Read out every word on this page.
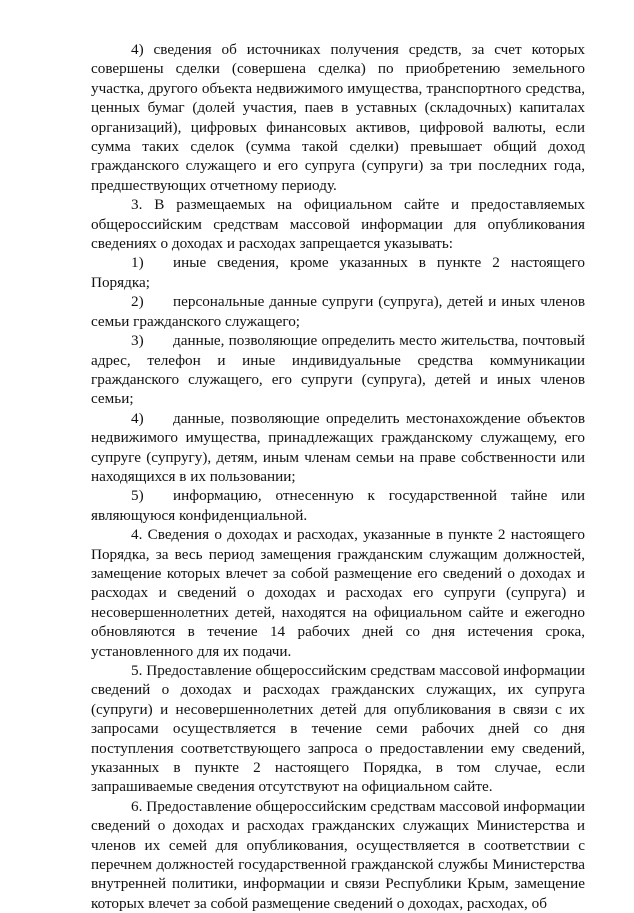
4) сведения об источниках получения средств, за счет которых совершены сделки (совершена сделка) по приобретению земельного участка, другого объекта недвижимого имущества, транспортного средства, ценных бумаг (долей участия, паев в уставных (складочных) капиталах организаций), цифровых финансовых активов, цифровой валюты, если сумма таких сделок (сумма такой сделки) превышает общий доход гражданского служащего и его супруга (супруги) за три последних года, предшествующих отчетному периоду.

3. В размещаемых на официальном сайте и предоставляемых общероссийским средствам массовой информации для опубликования сведениях о доходах и расходах запрещается указывать:

1) иные сведения, кроме указанных в пункте 2 настоящего Порядка;

2) персональные данные супруги (супруга), детей и иных членов семьи гражданского служащего;

3) данные, позволяющие определить место жительства, почтовый адрес, телефон и иные индивидуальные средства коммуникации гражданского служащего, его супруги (супруга), детей и иных членов семьи;

4) данные, позволяющие определить местонахождение объектов недвижимого имущества, принадлежащих гражданскому служащему, его супруге (супругу), детям, иным членам семьи на праве собственности или находящихся в их пользовании;

5) информацию, отнесенную к государственной тайне или являющуюся конфиденциальной.

4. Сведения о доходах и расходах, указанные в пункте 2 настоящего Порядка, за весь период замещения гражданским служащим должностей, замещение которых влечет за собой размещение его сведений о доходах и расходах и сведений о доходах и расходах его супруги (супруга) и несовершеннолетних детей, находятся на официальном сайте и ежегодно обновляются в течение 14 рабочих дней со дня истечения срока, установленного для их подачи.

5. Предоставление общероссийским средствам массовой информации сведений о доходах и расходах гражданских служащих, их супруга (супруги) и несовершеннолетних детей для опубликования в связи с их запросами осуществляется в течение семи рабочих дней со дня поступления соответствующего запроса о предоставлении ему сведений, указанных в пункте 2 настоящего Порядка, в том случае, если запрашиваемые сведения отсутствуют на официальном сайте.

6. Предоставление общероссийским средствам массовой информации сведений о доходах и расходах гражданских служащих Министерства и членов их семей для опубликования, осуществляется в соответствии с перечнем должностей государственной гражданской службы Министерства внутренней политики, информации и связи Республики Крым, замещение которых влечет за собой размещение сведений о доходах, расходах, об
